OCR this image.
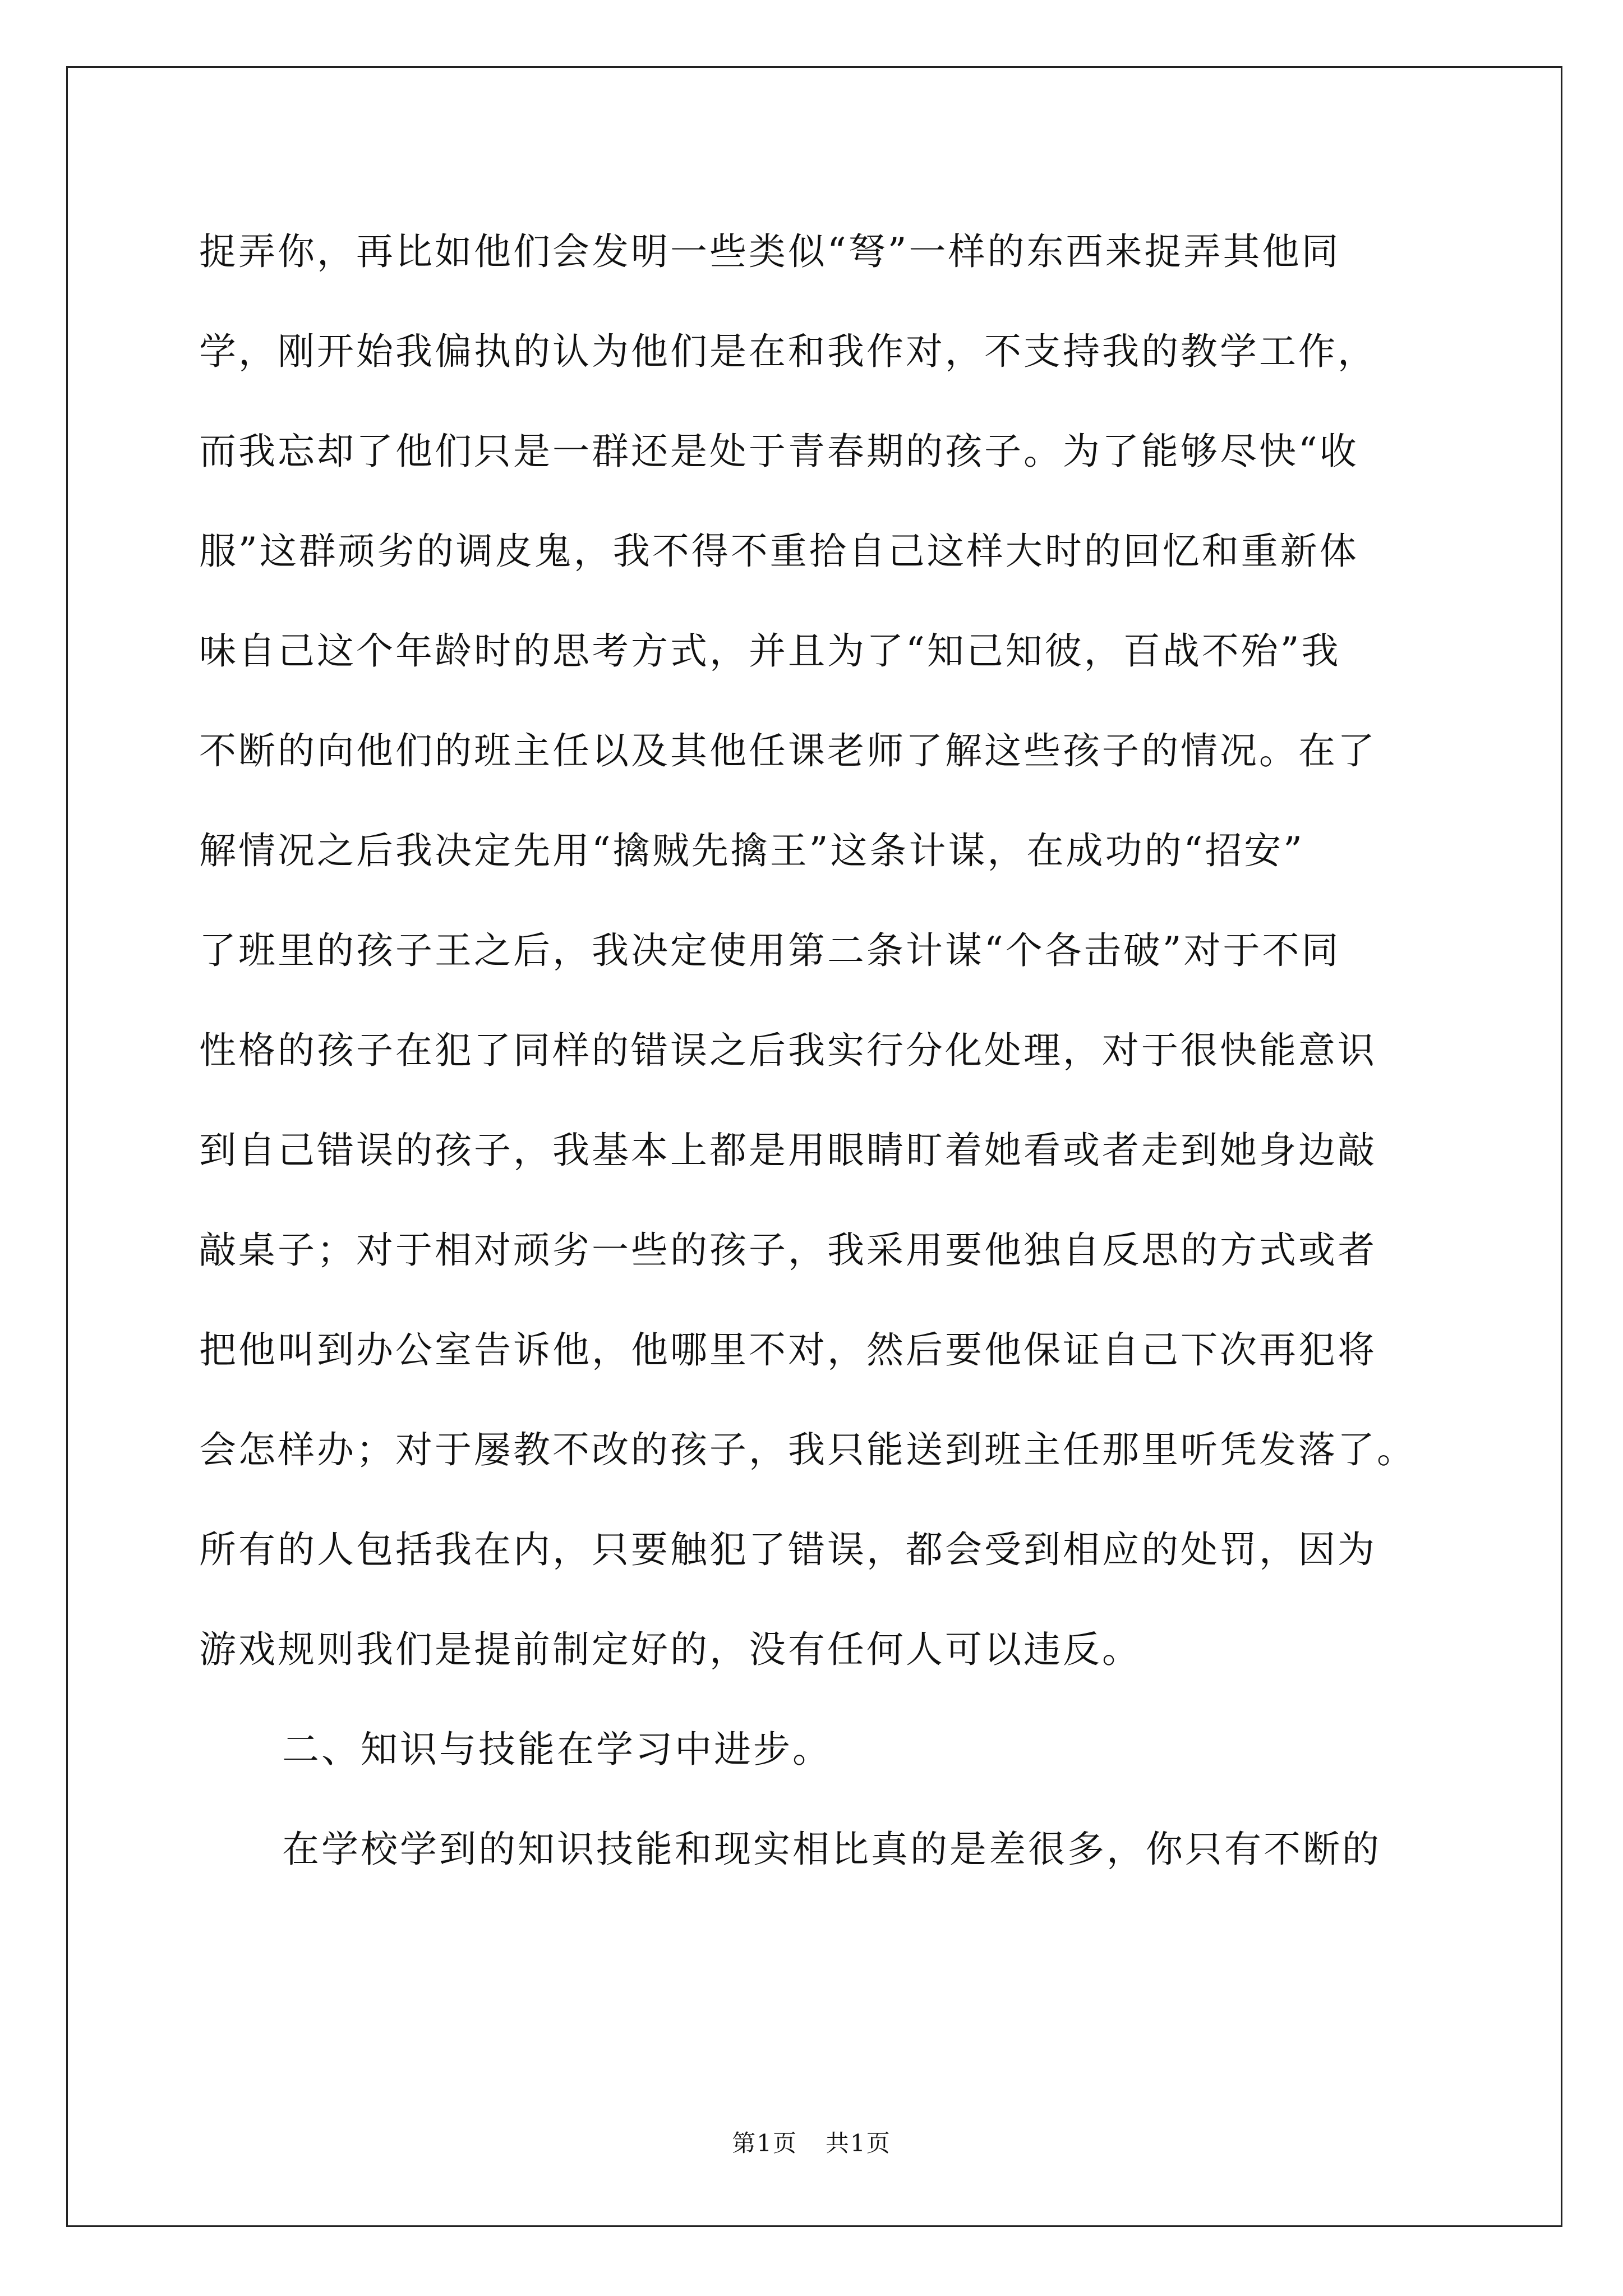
捉弄你，再比如他们会发明一些类似“弩”一样的东西来捉弄其他同
学，刚开始我偏执的认为他们是在和我作对，不支持我的教学工作，
而我忘却了他们只是一群还是处于青春期的孩子。为了能够尽快“收
服”这群顽劣的调皮鬼，我不得不重拾自己这样大时的回忆和重新体
味自己这个年龄时的思考方式，并且为了“知己知彼，百战不殆”我
不断的向他们的班主任以及其他任课老师了解这些孩子的情况。在了
解情况之后我决定先用“擒贼先擒王”这条计谋，在成功的“招安”
了班里的孩子王之后，我决定使用第二条计谋“个各击破”对于不同
性格的孩子在犯了同样的错误之后我实行分化处理，对于很快能意识
到自己错误的孩子，我基本上都是用眼睛盯着她看或者走到她身边敲
敲桌子；对于相对顽劣一些的孩子，我采用要他独自反思的方式或者
把他叫到办公室告诉他，他哪里不对，然后要他保证自己下次再犯将
会怎样办；对于屡教不改的孩子，我只能送到班主任那里听凭发落了。
所有的人包括我在内，只要触犯了错误，都会受到相应的处罚，因为
游戏规则我们是提前制定好的，没有任何人可以违反。
二、知识与技能在学习中进步。
在学校学到的知识技能和现实相比真的是差很多，你只有不断的
第1页 共1页
